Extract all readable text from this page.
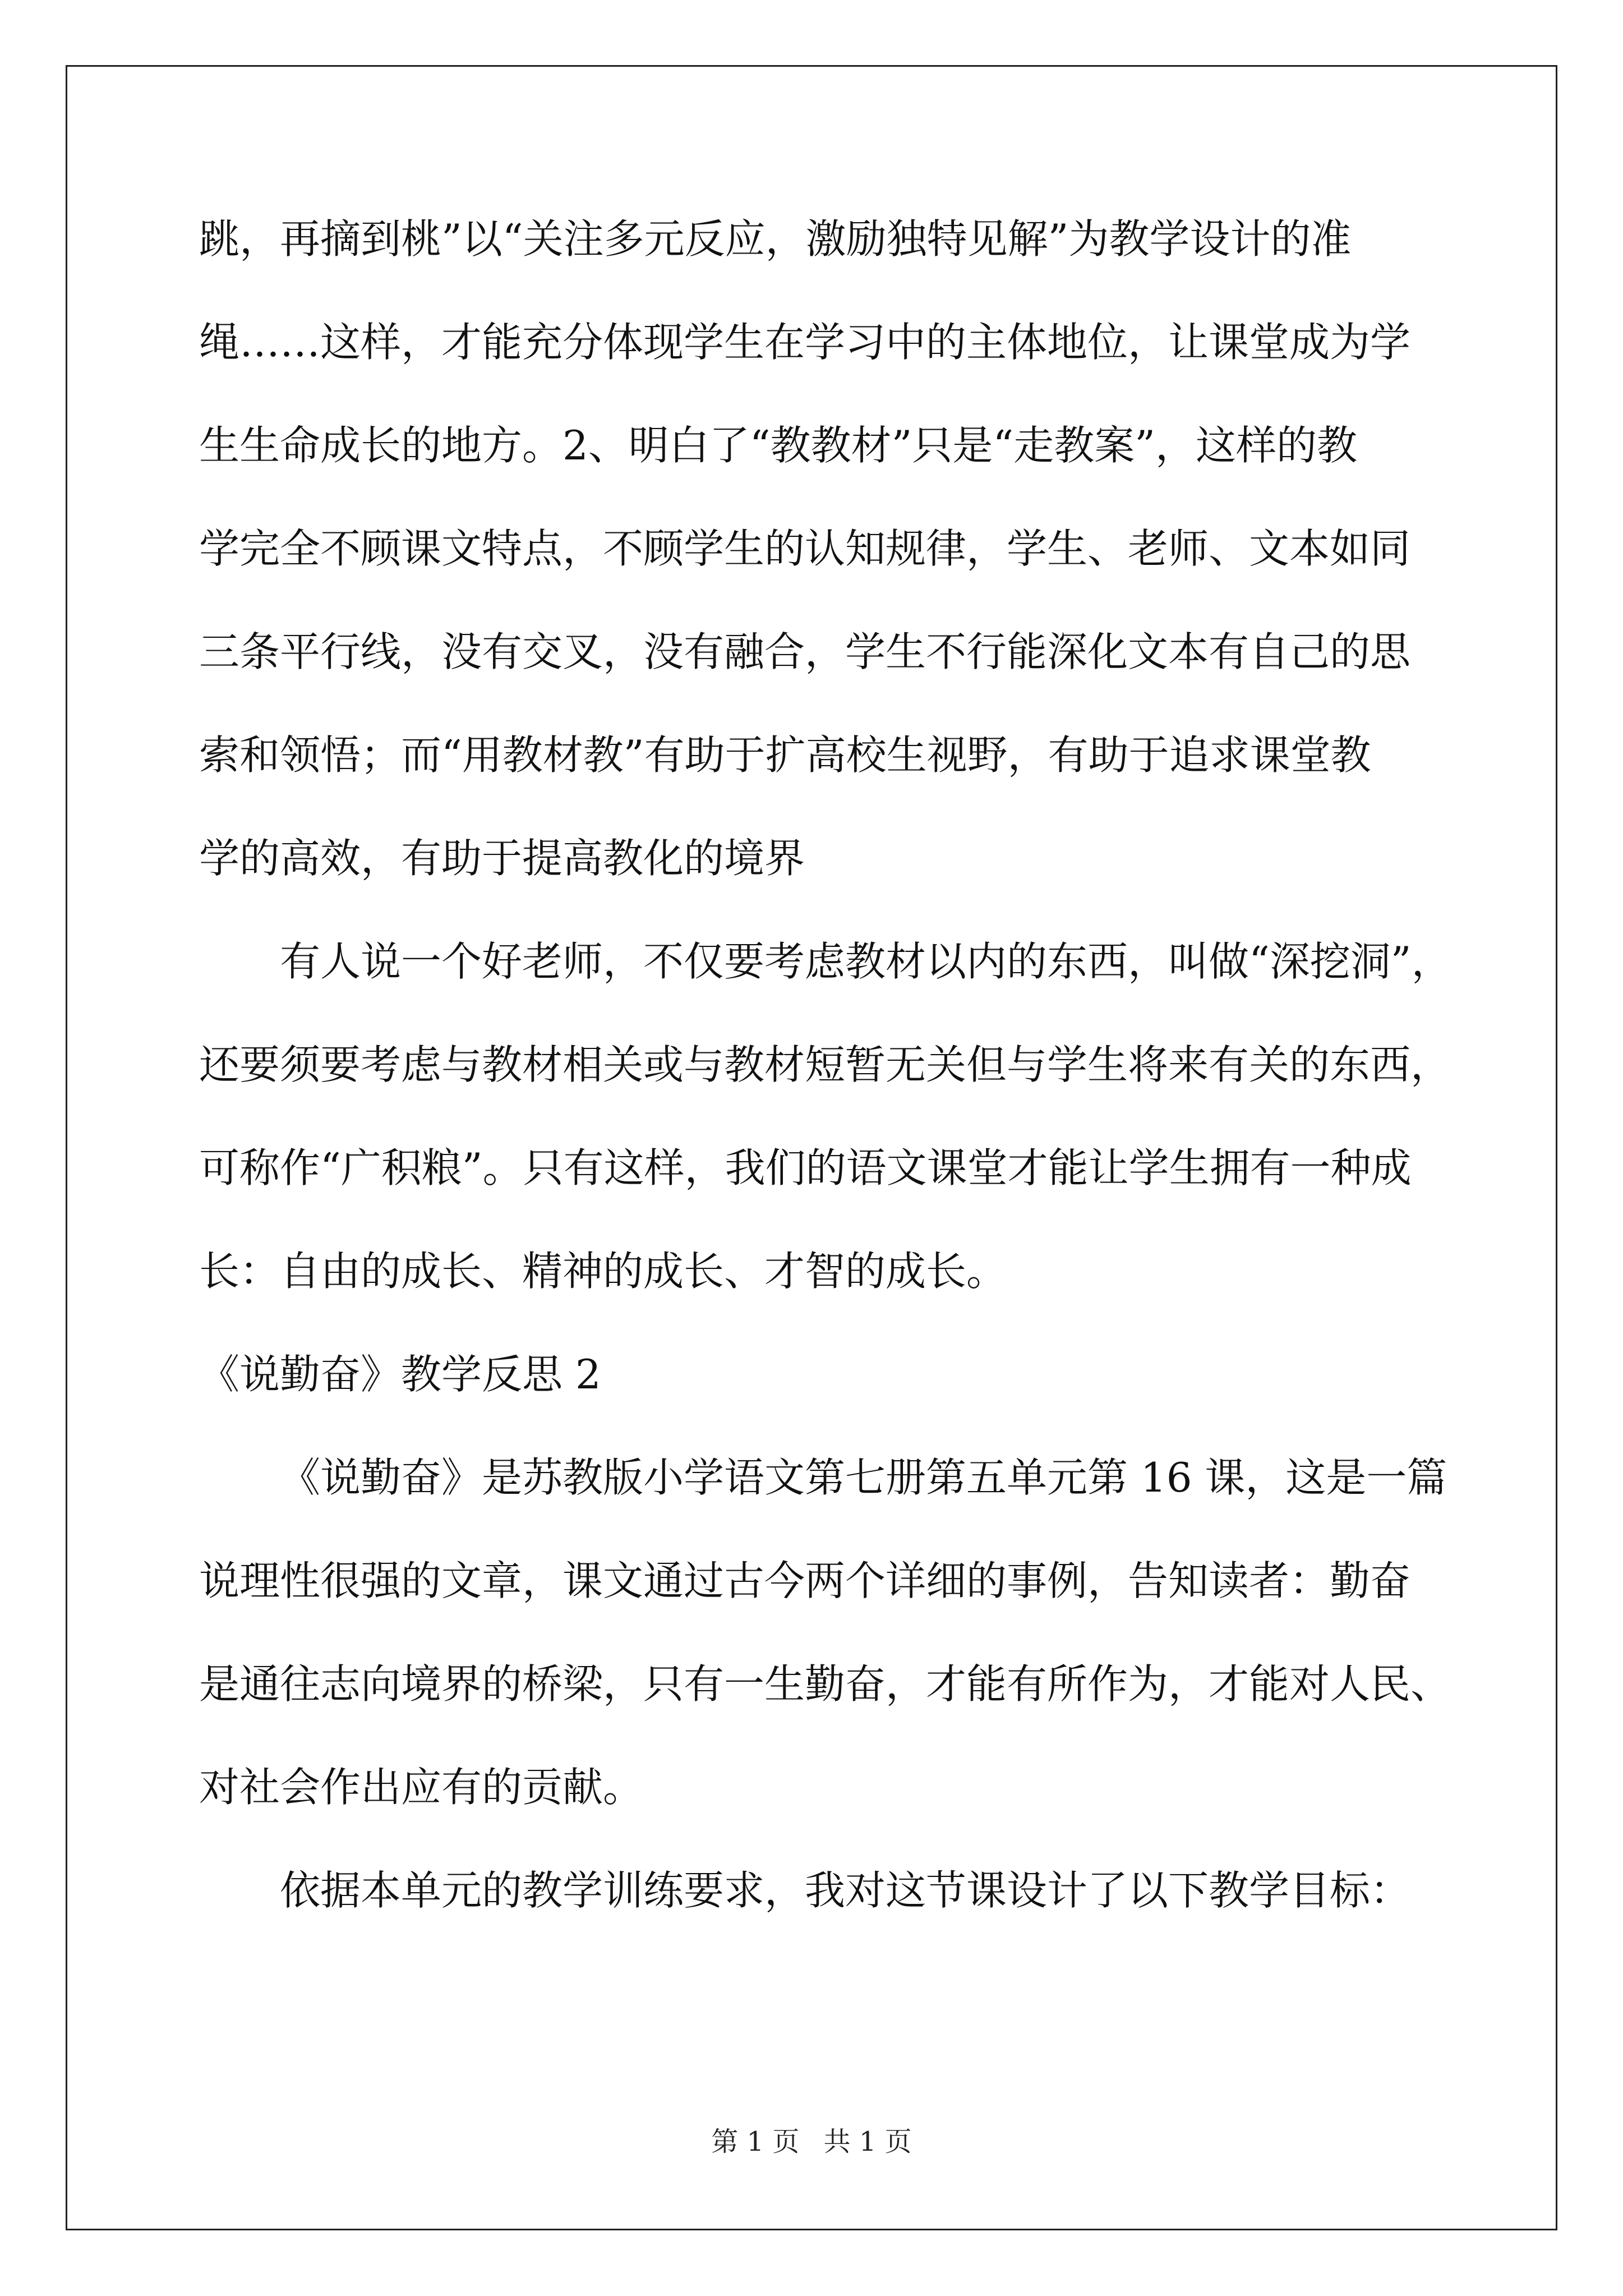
跳，再摘到桃”以“关注多元反应，激励独特见解”为教学设计的准

绳……这样，才能充分体现学生在学习中的主体地位，让课堂成为学

生生命成长的地方。2、明白了“教教材”只是“走教案”，这样的教

学完全不顾课文特点，不顾学生的认知规律，学生、老师、文本如同

三条平行线，没有交叉，没有融合，学生不行能深化文本有自己的思

索和领悟；而“用教材教”有助于扩高校生视野，有助于追求课堂教

学的高效，有助于提高教化的境界

有人说一个好老师，不仅要考虑教材以内的东西，叫做“深挖洞”，

还要须要考虑与教材相关或与教材短暂无关但与学生将来有关的东西，

可称作“广积粮”。只有这样，我们的语文课堂才能让学生拥有一种成

长：自由的成长、精神的成长、才智的成长。

《说勤奋》教学反思 2

《说勤奋》是苏教版小学语文第七册第五单元第 16 课，这是一篇

说理性很强的文章，课文通过古今两个详细的事例，告知读者：勤奋

是通往志向境界的桥梁，只有一生勤奋，才能有所作为，才能对人民、

对社会作出应有的贡献。

依据本单元的教学训练要求，我对这节课设计了以下教学目标：

第 1 页 共 1 页
